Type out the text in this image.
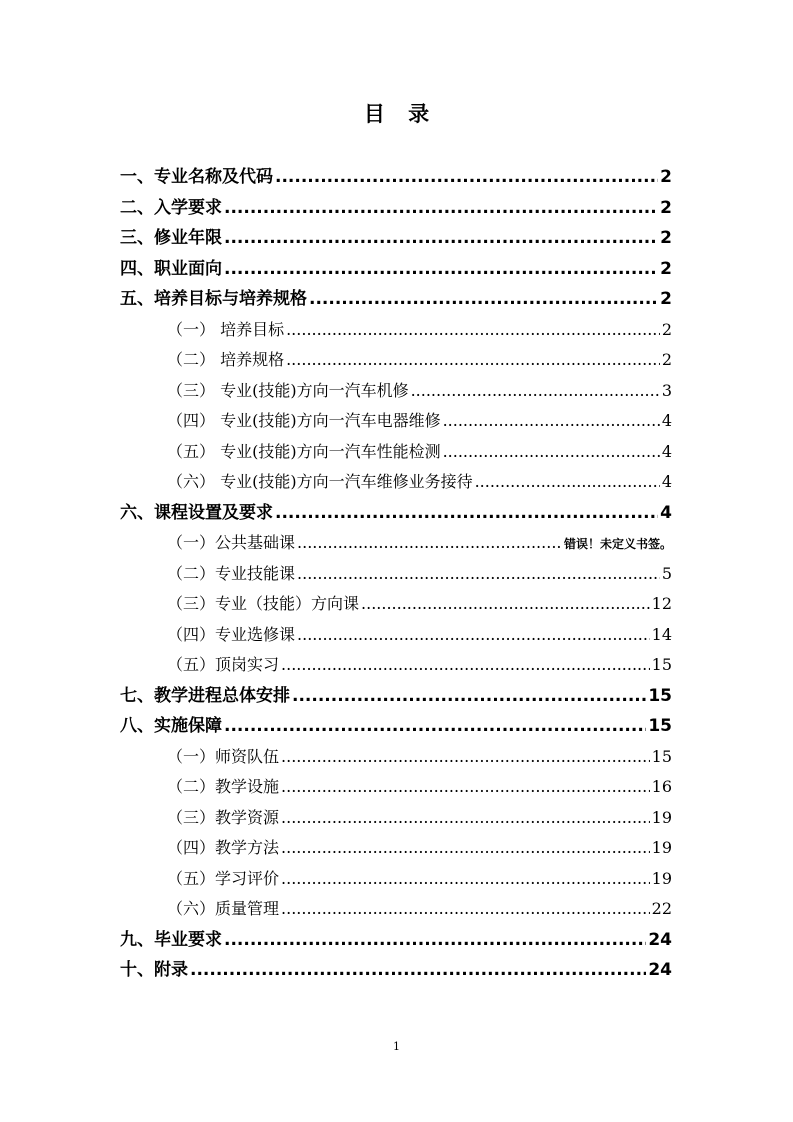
目 录
一、专业名称及代码 .....	2
二、入学要求 .....	2
三、修业年限 .....	2
四、职业面向 .....	2
五、培养目标与培养规格 .....	2
（一） 培养目标 .....	2
（二） 培养规格 .....	2
（三） 专业(技能)方向一汽车机修 .....	3
（四） 专业(技能)方向一汽车电器维修 .....	4
（五） 专业(技能)方向一汽车性能检测 .....	4
（六） 专业(技能)方向一汽车维修业务接待 .....	4
六、课程设置及要求 .....	4
（一）公共基础课 .....	错误！未定义书签。
（二）专业技能课 .....	5
（三）专业（技能）方向课 .....	12
（四）专业选修课 .....	14
（五）顶岗实习 .....	15
七、教学进程总体安排 .....	15
八、实施保障 .....	15
（一）师资队伍 .....	15
（二）教学设施 .....	16
（三）教学资源 .....	19
（四）教学方法 .....	19
（五）学习评价 .....	19
（六）质量管理 .....	22
九、毕业要求 .....	24
十、附录 .....	24
1
